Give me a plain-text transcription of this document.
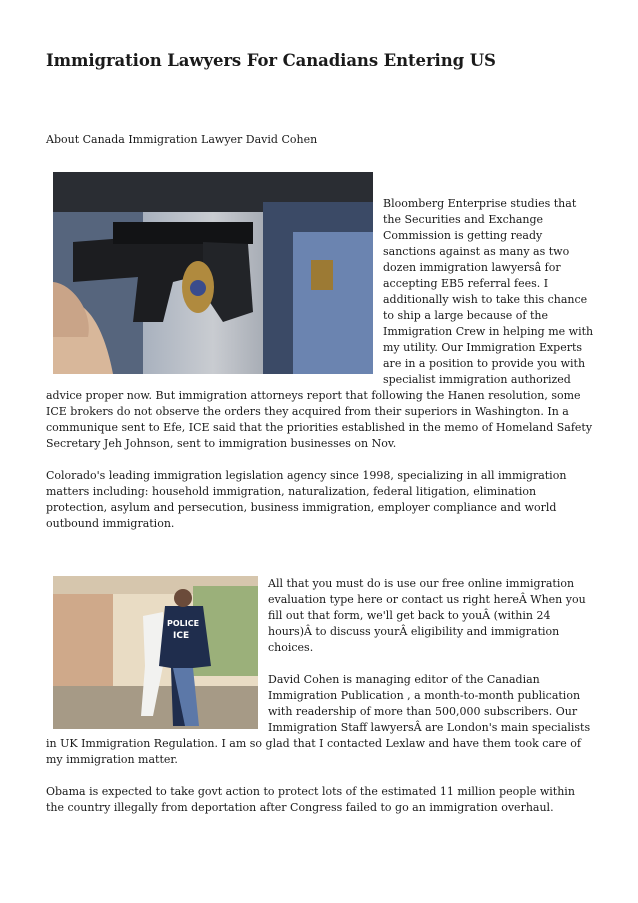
Immigration Lawyers For Canadians Entering US

About Canada Immigration Lawyer David Cohen

Bloomberg Enterprise studies that the Securities and Exchange Commission is getting ready sanctions against as many as two dozen immigration lawyersâ for accepting EB5 referral fees. I additionally wish to take this chance to ship a large because of the Immigration Crew in helping me with my utility. Our Immigration Experts are in a position to provide you with specialist immigration authorized advice proper now. But immigration attorneys report that following the Hanen resolution, some ICE brokers do not observe the orders they acquired from their superiors in Washington. In a communique sent to Efe, ICE said that the priorities established in the memo of Homeland Safety Secretary Jeh Johnson, sent to immigration businesses on Nov.

Colorado's leading immigration legislation agency since 1998, specializing in all immigration matters including: household immigration, naturalization, federal litigation, elimination protection, asylum and persecution, business immigration, employer compliance and world outbound immigration.

POLICE
ICE

All that you must do is use our free online immigration evaluation type here or contact us right hereÂ When you fill out that form, we'll get back to youÂ (within 24 hours)Â to discuss yourÂ eligibility and immigration choices.

David Cohen is managing editor of the Canadian Immigration Publication , a month-to-month publication with readership of more than 500,000 subscribers. Our Immigration Staff lawyersÂ are London's main specialists in UK Immigration Regulation. I am so glad that I contacted Lexlaw and have them took care of my immigration matter.

Obama is expected to take govt action to protect lots of the estimated 11 million people within the country illegally from deportation after Congress failed to go an immigration overhaul.
